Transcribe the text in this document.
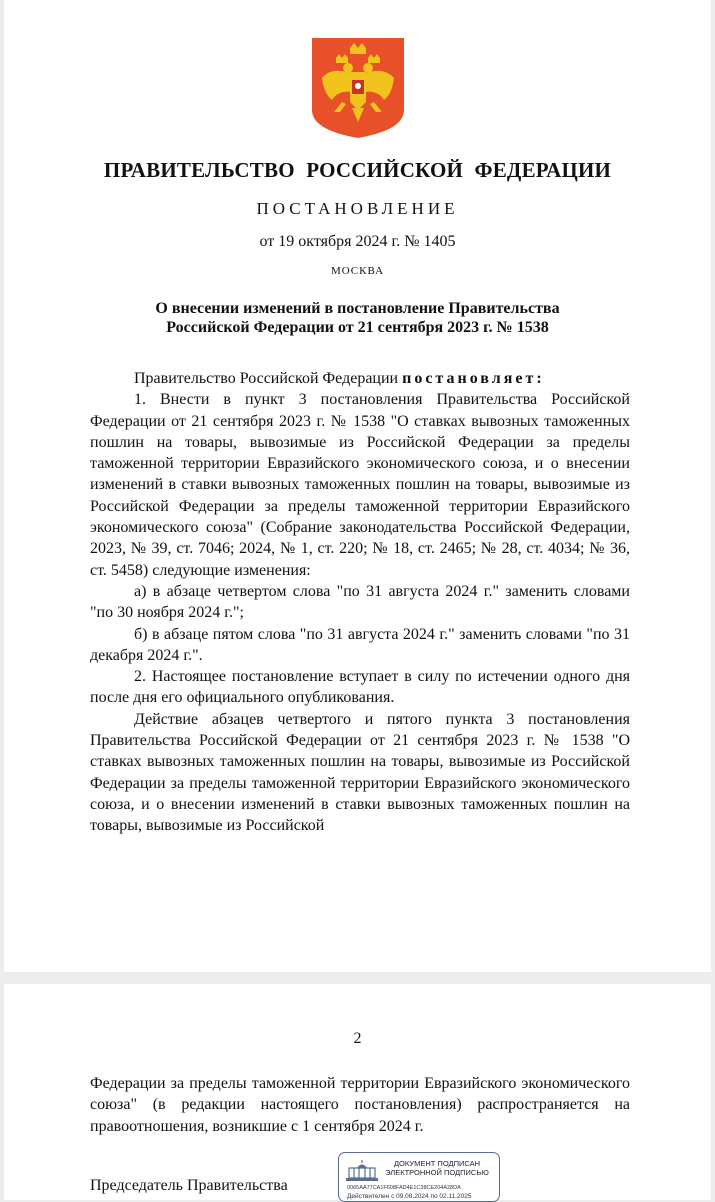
ПРАВИТЕЛЬСТВО РОССИЙСКОЙ ФЕДЕРАЦИИ
ПОСТАНОВЛЕНИЕ
от 19 октября 2024 г. № 1405
МОСКВА
О внесении изменений в постановление Правительства
Российской Федерации от 21 сентября 2023 г. № 1538

Правительство Российской Федерации постановляет:

1. Внести в пункт 3 постановления Правительства Российской Федерации от 21 сентября 2023 г. № 1538 "О ставках вывозных таможенных пошлин на товары, вывозимые из Российской Федерации за пределы таможенной территории Евразийского экономического союза, и о внесении изменений в ставки вывозных таможенных пошлин на товары, вывозимые из Российской Федерации за пределы таможенной территории Евразийского экономического союза" (Собрание законодательства Российской Федерации, 2023, № 39, ст. 7046; 2024, № 1, ст. 220; № 18, ст. 2465; № 28, ст. 4034; № 36, ст. 5458) следующие изменения:

а) в абзаце четвертом слова "по 31 августа 2024 г." заменить словами "по 30 ноября 2024 г.";

б) в абзаце пятом слова "по 31 августа 2024 г." заменить словами "по 31 декабря 2024 г.".

2. Настоящее постановление вступает в силу по истечении одного дня после дня его официального опубликования.

Действие абзацев четвертого и пятого пункта 3 постановления Правительства Российской Федерации от 21 сентября 2023 г. № 1538 "О ставках вывозных таможенных пошлин на товары, вывозимые из Российской Федерации за пределы таможенной территории Евразийского экономического союза, и о внесении изменений в ставки вывозных таможенных пошлин на товары, вывозимые из Российской

2
Федерации за пределы таможенной территории Евразийского экономического союза" (в редакции настоящего постановления) распространяется на правоотношения, возникшие с 1 сентября 2024 г.
Председатель Правительства
ДОКУМЕНТ ПОДПИСАН
ЭЛЕКТРОННОЙ ПОДПИСЬЮ
0065AA77CA1F608FAD4E1C38CE204A28DA
Действителен с 09.08.2024 по 02.11.2025
